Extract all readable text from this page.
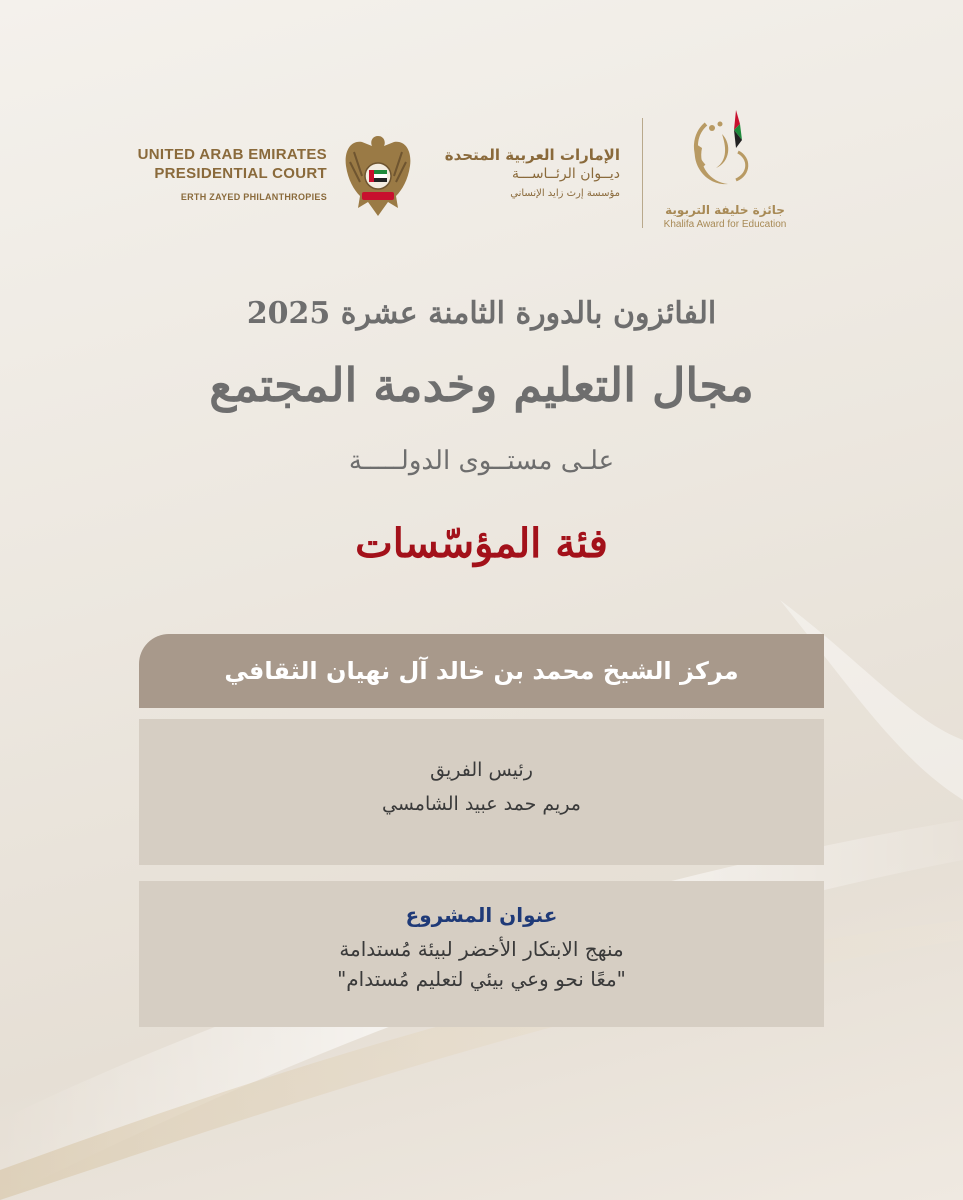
UNITED ARAB EMIRATES
PRESIDENTIAL COURT
ERTH ZAYED PHILANTHROPIES
الإمارات العربية المتحدة
ديــوان الرئــاســـة
مؤسسة إرث زايد الإنساني
جائزة خليفة التربوية
Khalifa Award for Education
الفائزون بالدورة الثامنة عشرة 2025
مجال التعليم وخدمة المجتمع
علـى مستــوى الدولـــــة
فئة المؤسّسات
مركز الشيخ محمد بن خالد آل نهيان الثقافي
رئيس الفريق
مريم حمد عبيد الشامسي
عنوان المشروع
منهج الابتكار الأخضر لبيئة مُستدامة
"معًا نحو وعي بيئي لتعليم مُستدام"
